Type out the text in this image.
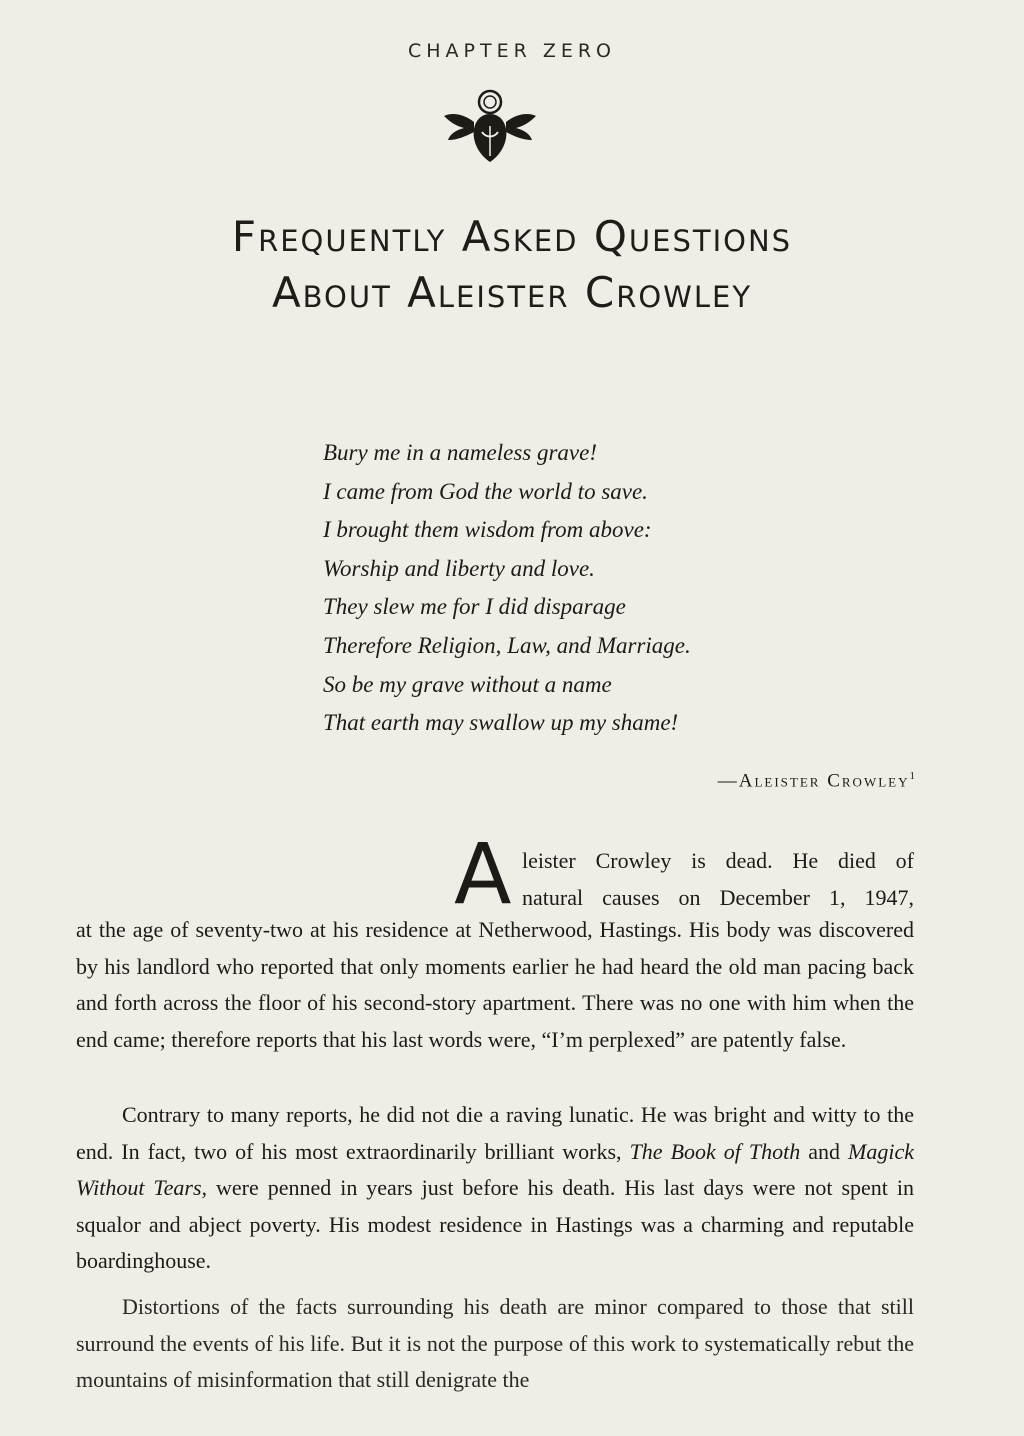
CHAPTER ZERO
Frequently Asked Questions
About Aleister Crowley
Bury me in a nameless grave!
I came from God the world to save.
I brought them wisdom from above:
Worship and liberty and love.
They slew me for I did disparage
Therefore Religion, Law, and Marriage.
So be my grave without a name
That earth may swallow up my shame!
—Aleister Crowley$^1$
A leister Crowley is dead. He died of
natural causes on December 1, 1947,

at the age of seventy-two at his residence at Netherwood, Hastings. His body was discovered by his landlord who reported that only moments earlier he had heard the old man pacing back and forth across the floor of his second-story apartment. There was no one with him when the end came; therefore reports that his last words were, “I’m perplexed” are patently false.

Contrary to many reports, he did not die a raving lunatic. He was bright and witty to the end. In fact, two of his most extraordinarily brilliant works, The Book of Thoth and Magick Without Tears, were penned in years just before his death. His last days were not spent in squalor and abject poverty. His modest residence in Hastings was a charming and reputable boardinghouse.

Distortions of the facts surrounding his death are minor compared to those that still surround the events of his life. But it is not the purpose of this work to systematically rebut the mountains of misinformation that still denigrate the
